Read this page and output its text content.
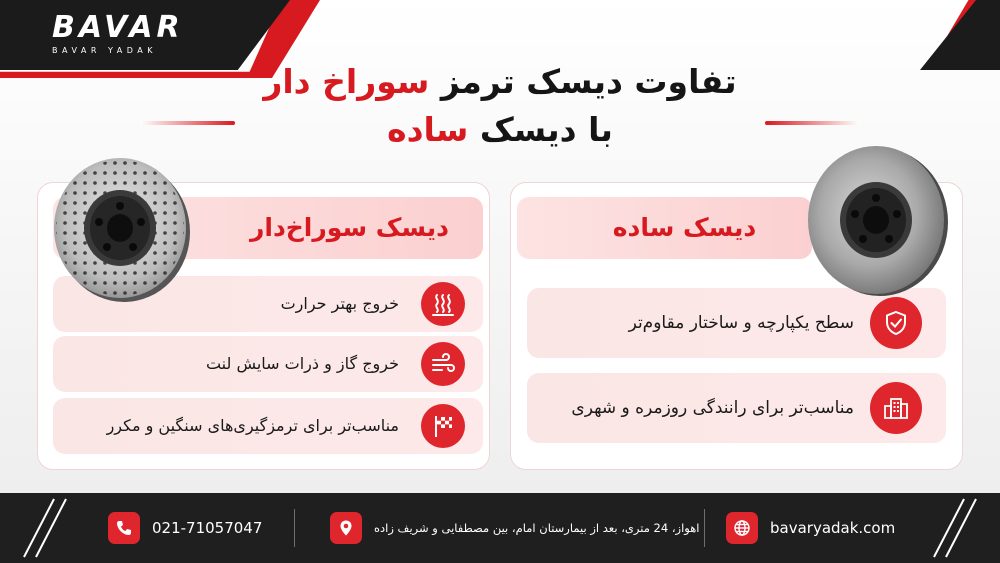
BAVAR
BAVAR YADAK
تفاوت دیسک ترمز سوراخ دار
با دیسک ساده
دیسک سوراخ‌دار
خروج بهتر حرارت
خروج گاز و ذرات سایش لنت
مناسب‌تر برای ترمزگیری‌های سنگین و مکرر
دیسک ساده
سطح یکپارچه و ساختار مقاوم‌تر
مناسب‌تر برای رانندگی روزمره و شهری
021-71057047	اهواز، 24 متری، بعد از بیمارستان امام، بین مصطفایی و شریف زاده	bavaryadak.com
